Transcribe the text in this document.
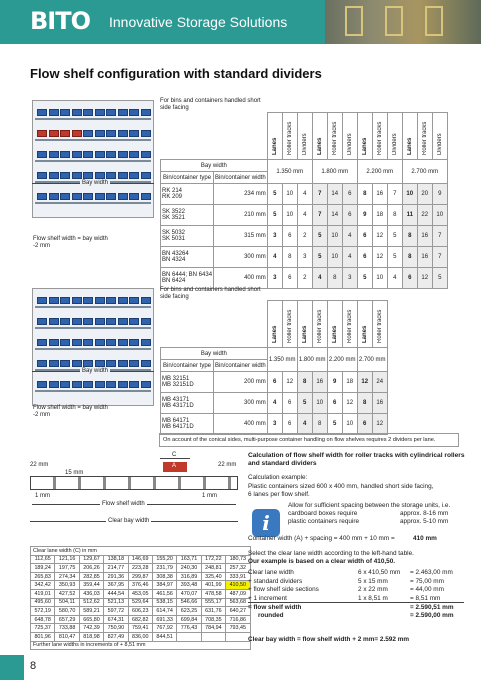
BITO Innovative Storage Solutions
Flow shelf configuration with standard dividers
For bins and containers handled short side facing
Bay width
Flow shelf width = bay width -2 mm
		Lanes	Roller tracks	Dividers	Lanes	Roller tracks	Dividers	Lanes	Roller tracks	Dividers	Lanes	Roller tracks	Dividers
Bay width		1.350 mm			1.800 mm			2.200 mm			2.700 mm		
Bin/container type	Bin/container width												
RK 214
RK 209	234 mm	5	10	4	7	14	6	8	16	7	10	20	9
SK 3522
SK 3521	210 mm	5	10	4	7	14	6	9	18	8	11	22	10
SK 5032
SK 5031	315 mm	3	6	2	5	10	4	6	12	5	8	16	7
BN 43264
BN 4324	300 mm	4	8	3	5	10	4	6	12	5	8	16	7
BN 6444; BN 6434
BN 6424	400 mm	3	6	2	4	8	3	5	10	4	6	12	5
For bins and containers handled short side facing
Bay width
Flow shelf width = bay width -2 mm
		Lanes	Roller tracks	Lanes	Roller tracks	Lanes	Roller tracks	Lanes	Roller tracks
Bay width		1.350 mm		1.800 mm		2.200 mm		2.700 mm	
Bin/container type	Bin/container width								
MB 32151
MB 32151D	200 mm	6	12	8	16	9	18	12	24
MB 43171
MB 43171D	300 mm	4	6	5	10	6	12	8	16
MB 64171
MB 64171D	400 mm	3	6	4	8	5	10	6	12
On account of the conical sides, multi-purpose container handling on flow shelves requires 2 dividers per lane.
C
A
22 mm	22 mm
15 mm
1 mm	1 mm
Flow shelf width
Clear bay width
Clear lane width (C) in mm								
112,65	121,16	129,67	138,18	146,69	155,20	163,71	172,22	180,73
189,24	197,75	206,26	214,77	223,28	231,79	240,30	248,81	257,32
265,83	274,34	282,85	291,36	299,87	308,38	316,89	325,40	333,91
342,42	350,93	359,44	367,95	376,46	384,97	393,48	401,99	410,50
419,01	427,52	436,03	444,54	453,05	461,56	470,07	478,58	487,09
495,60	504,11	512,62	521,13	529,64	538,15	546,66	555,17	563,68
572,19	580,70	589,21	597,72	606,23	614,74	623,25	631,76	640,27
648,78	657,29	665,80	674,31	682,82	691,33	699,84	708,35	716,86
725,37	733,88	742,39	750,90	759,41	767,92	776,43	784,94	793,45
801,96	810,47	818,98	827,49	836,00	844,51			
Further lane widths in increments of + 8,51 mm								
Calculation of flow shelf width for roller tracks with cylindrical rollers and standard dividers
Calculation example:
Plastic containers sized 600 x 400 mm, handled short side facing,
6 lanes per flow shelf.
i
Allow for sufficient spacing between the storage units, i.e.
cardboard boxes require	approx. 8-16 mm
plastic containers require	approx. 5-10 mm
Container width (A) + spacing = 400 mm + 10 mm =	410 mm
Select the clear lane width according to the left-hand table.
Our example is based on a clear width of 410,50.
Clear lane width	6 x 410,50 mm = 2.463,00 mm
+ standard dividers	5 x 15 mm	= 75,00 mm
+ flow shelf side sections	2 x 22 mm	= 44,00 mm
+ 1 increment	1 x 8,51 m	= 8,51 mm
= flow shelf width	= 2.590,51 mm
rounded	= 2.590,00 mm
Clear bay width = flow shelf width + 2 mm= 2.592 mm
8
